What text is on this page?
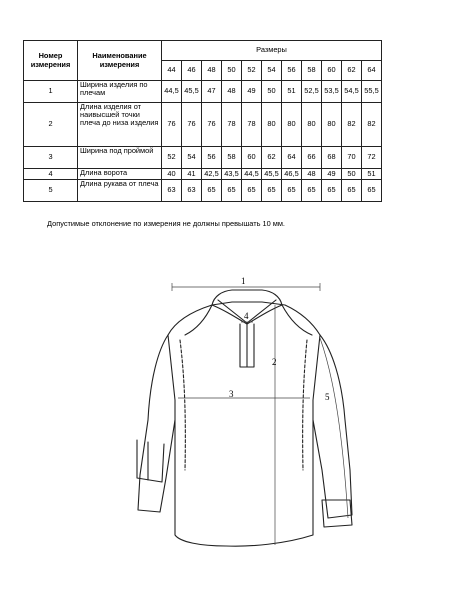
Номер измерения	Наименование измерения	Размеры										
		44	46	48	50	52	54	56	58	60	62	64
1	Ширина изделия по плечам	44,5	45,5	47	48	49	50	51	52,5	53,5	54,5	55,5
2	Длина изделия от наивысшей точки плеча до низа изделия	76	76	76	78	78	80	80	80	80	82	82
3	Ширина под проймой	52	54	56	58	60	62	64	66	68	70	72
4	Длина ворота	40	41	42,5	43,5	44,5	45,5	46,5	48	49	50	51
5	Длина рукава от плеча	63	63	65	65	65	65	65	65	65	65	65
Допустимые отклонение по измерения не должны превышать 10 мм.
1
2
3
4
5
